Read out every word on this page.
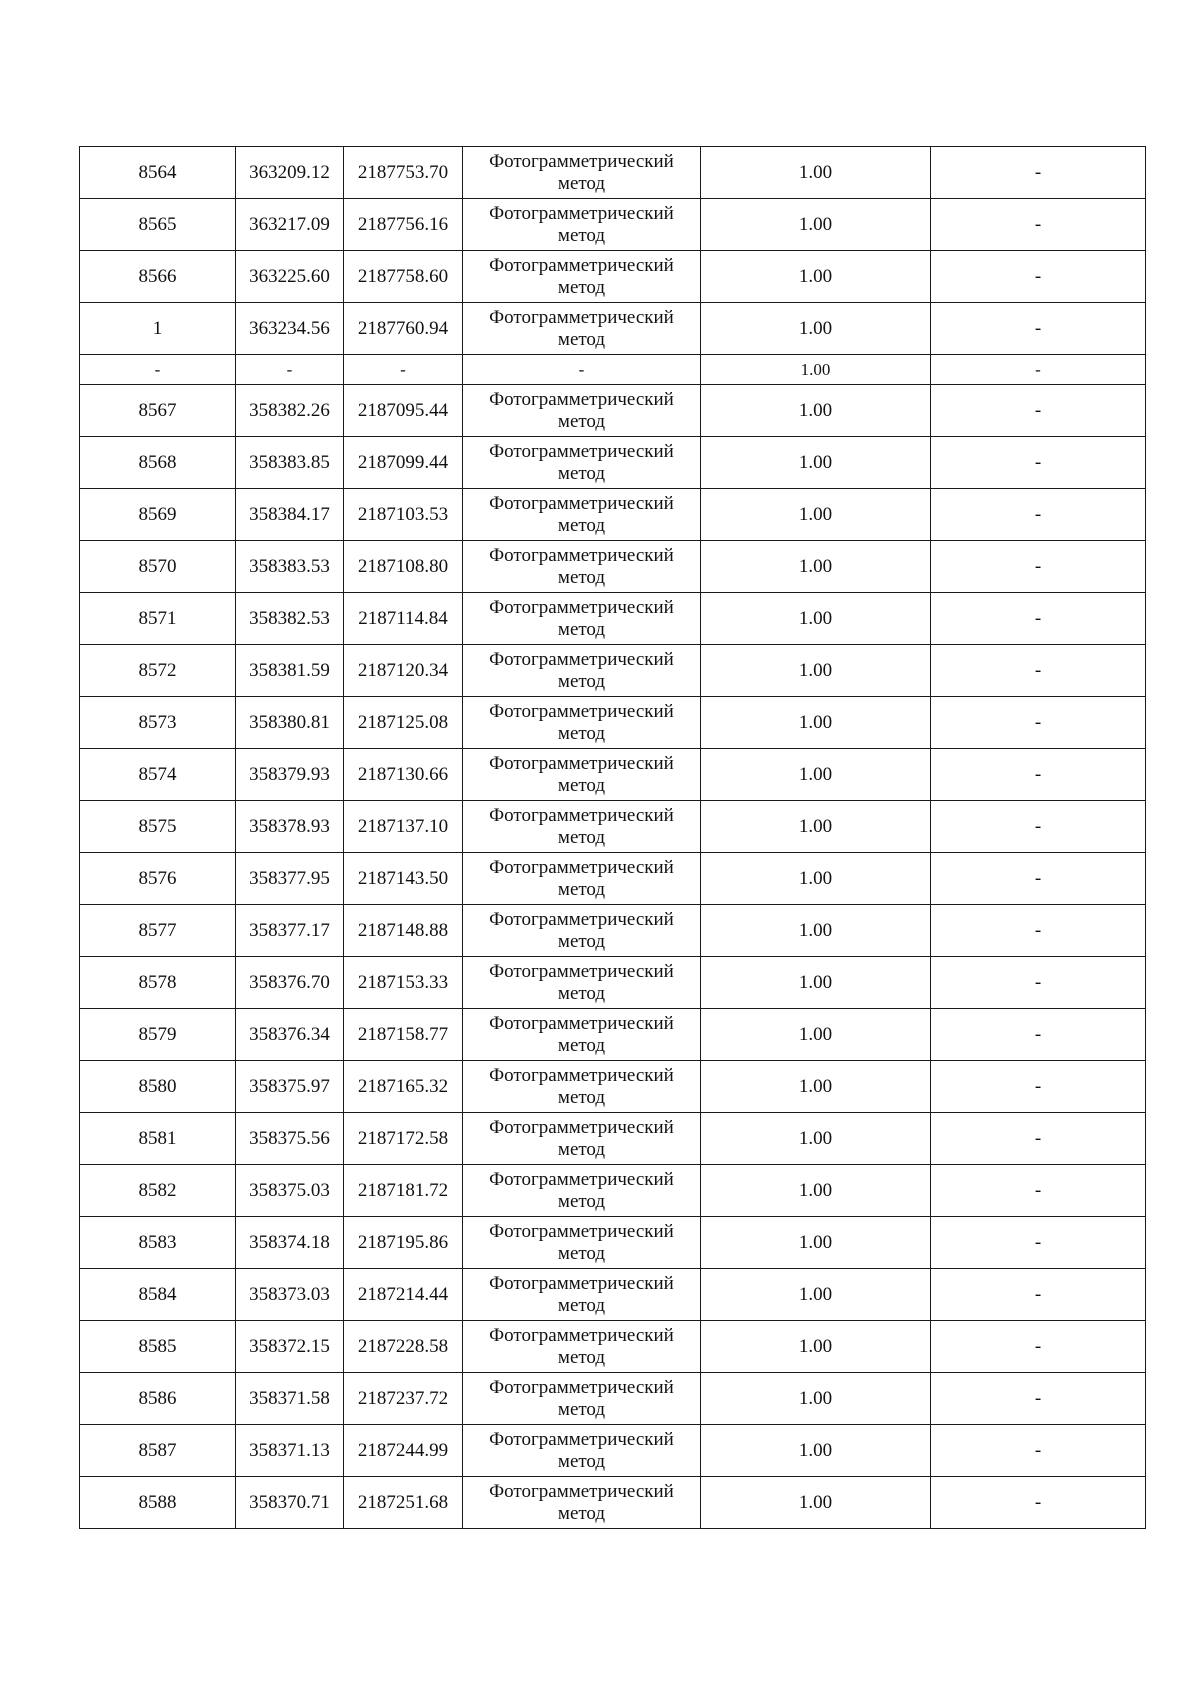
8564	363209.12	2187753.70	Фотограмметрический метод	1.00	-
8565	363217.09	2187756.16	Фотограмметрический метод	1.00	-
8566	363225.60	2187758.60	Фотограмметрический метод	1.00	-
1	363234.56	2187760.94	Фотограмметрический метод	1.00	-
-	-	-	-	1.00	-
8567	358382.26	2187095.44	Фотограмметрический метод	1.00	-
8568	358383.85	2187099.44	Фотограмметрический метод	1.00	-
8569	358384.17	2187103.53	Фотограмметрический метод	1.00	-
8570	358383.53	2187108.80	Фотограмметрический метод	1.00	-
8571	358382.53	2187114.84	Фотограмметрический метод	1.00	-
8572	358381.59	2187120.34	Фотограмметрический метод	1.00	-
8573	358380.81	2187125.08	Фотограмметрический метод	1.00	-
8574	358379.93	2187130.66	Фотограмметрический метод	1.00	-
8575	358378.93	2187137.10	Фотограмметрический метод	1.00	-
8576	358377.95	2187143.50	Фотограмметрический метод	1.00	-
8577	358377.17	2187148.88	Фотограмметрический метод	1.00	-
8578	358376.70	2187153.33	Фотограмметрический метод	1.00	-
8579	358376.34	2187158.77	Фотограмметрический метод	1.00	-
8580	358375.97	2187165.32	Фотограмметрический метод	1.00	-
8581	358375.56	2187172.58	Фотограмметрический метод	1.00	-
8582	358375.03	2187181.72	Фотограмметрический метод	1.00	-
8583	358374.18	2187195.86	Фотограмметрический метод	1.00	-
8584	358373.03	2187214.44	Фотограмметрический метод	1.00	-
8585	358372.15	2187228.58	Фотограмметрический метод	1.00	-
8586	358371.58	2187237.72	Фотограмметрический метод	1.00	-
8587	358371.13	2187244.99	Фотограмметрический метод	1.00	-
8588	358370.71	2187251.68	Фотограмметрический метод	1.00	-
